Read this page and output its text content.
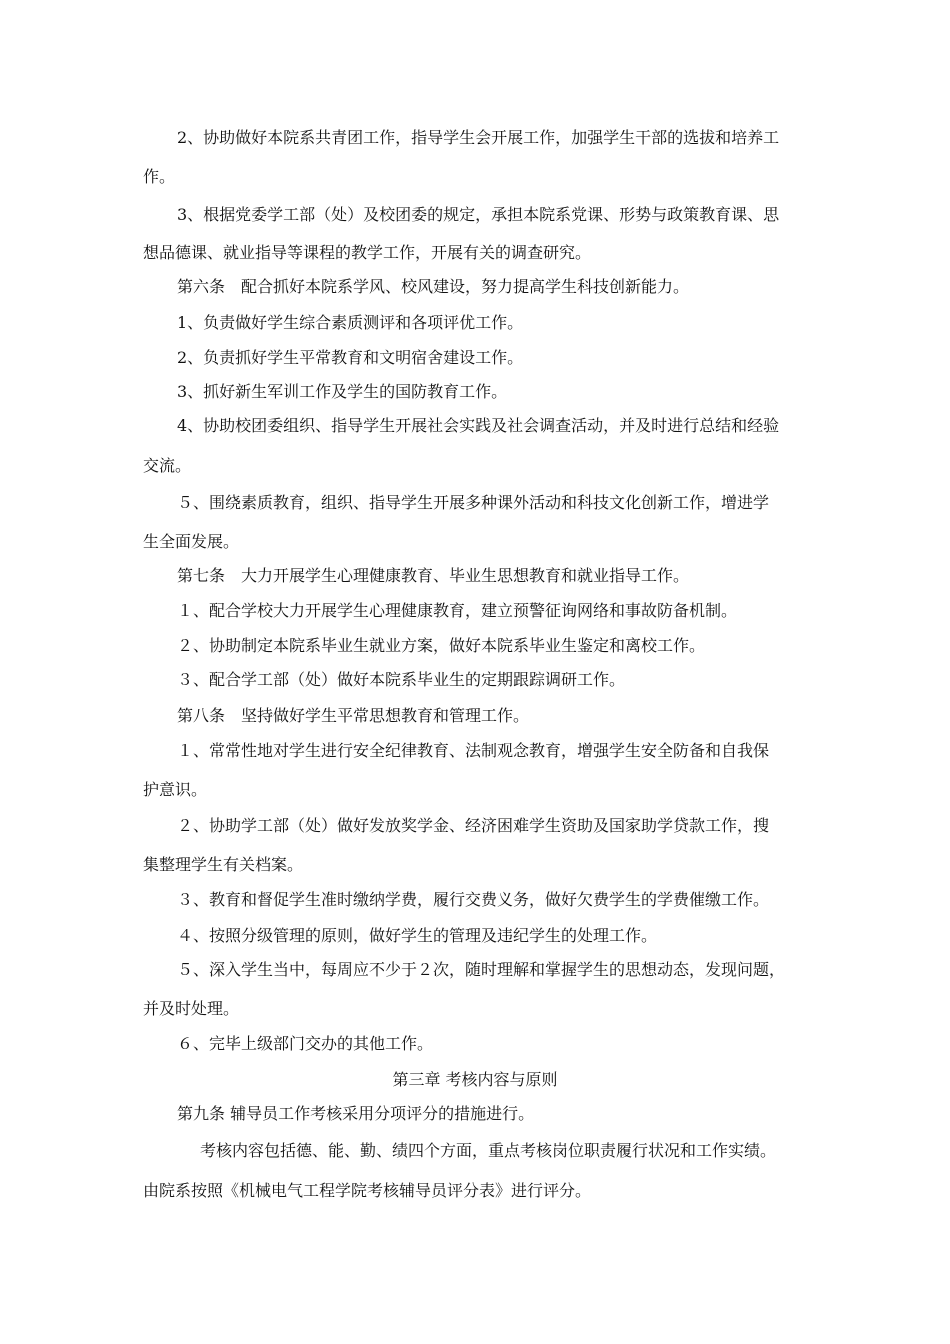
2、协助做好本院系共青团工作，指导学生会开展工作，加强学生干部的选拔和培养工
作。
3、根据党委学工部（处）及校团委的规定，承担本院系党课、形势与政策教育课、思
想品德课、就业指导等课程的教学工作，开展有关的调查研究。
第六条　配合抓好本院系学风、校风建设，努力提高学生科技创新能力。
1、负责做好学生综合素质测评和各项评优工作。
2、负责抓好学生平常教育和文明宿舍建设工作。
3、抓好新生军训工作及学生的国防教育工作。
4、协助校团委组织、指导学生开展社会实践及社会调查活动，并及时进行总结和经验
交流。
５、围绕素质教育，组织、指导学生开展多种课外活动和科技文化创新工作，增进学
生全面发展。
第七条　大力开展学生心理健康教育、毕业生思想教育和就业指导工作。
１、配合学校大力开展学生心理健康教育，建立预警征询网络和事故防备机制。
２、协助制定本院系毕业生就业方案，做好本院系毕业生鉴定和离校工作。
３、配合学工部（处）做好本院系毕业生的定期跟踪调研工作。
第八条　坚持做好学生平常思想教育和管理工作。
１、常常性地对学生进行安全纪律教育、法制观念教育，增强学生安全防备和自我保
护意识。
２、协助学工部（处）做好发放奖学金、经济困难学生资助及国家助学贷款工作，搜
集整理学生有关档案。
３、教育和督促学生准时缴纳学费，履行交费义务，做好欠费学生的学费催缴工作。
４、按照分级管理的原则，做好学生的管理及违纪学生的处理工作。
５、深入学生当中，每周应不少于２次，随时理解和掌握学生的思想动态，发现问题，
并及时处理。
６、完毕上级部门交办的其他工作。
第三章 考核内容与原则
第九条 辅导员工作考核采用分项评分的措施进行。
考核内容包括德、能、勤、绩四个方面，重点考核岗位职责履行状况和工作实绩。
由院系按照《机械电气工程学院考核辅导员评分表》进行评分。
